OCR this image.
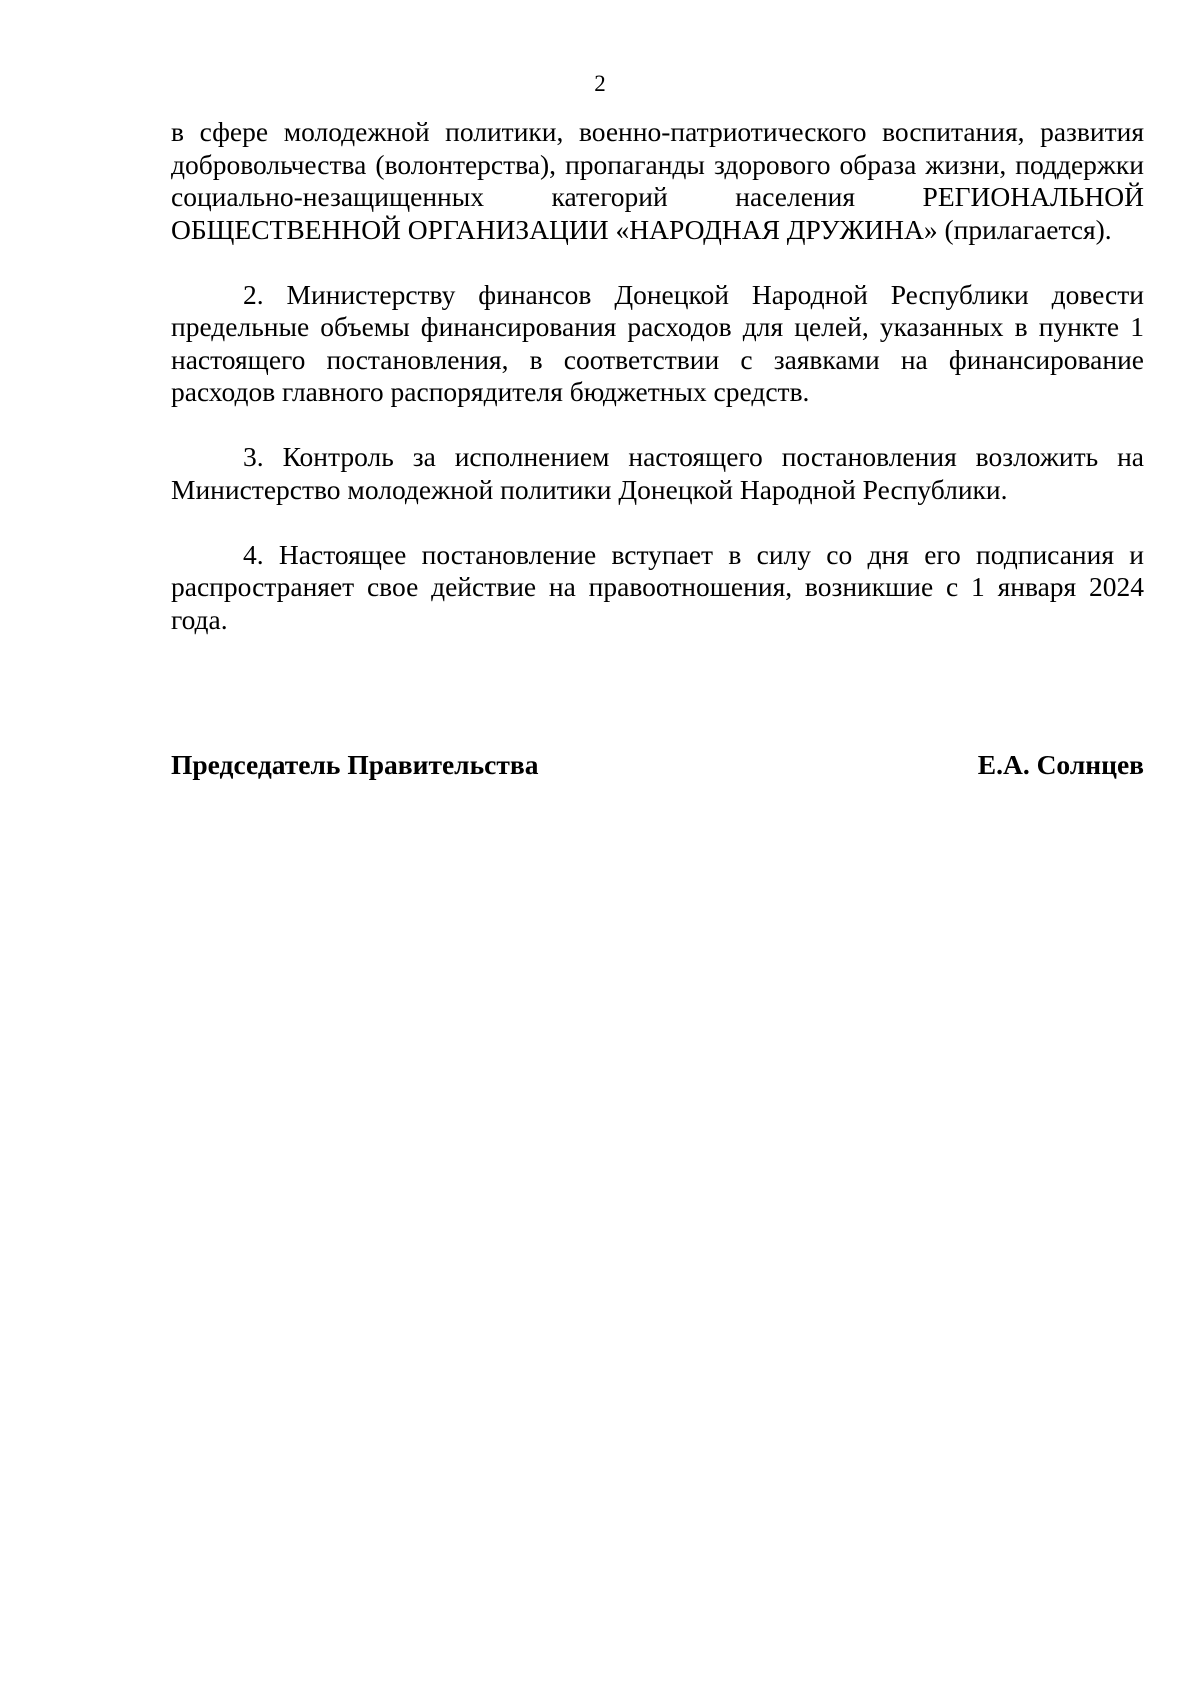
2

в сфере молодежной политики, военно-патриотического воспитания, развития добровольчества (волонтерства), пропаганды здорового образа жизни, поддержки социально-незащищенных категорий населения РЕГИОНАЛЬНОЙ ОБЩЕСТВЕННОЙ ОРГАНИЗАЦИИ «НАРОДНАЯ ДРУЖИНА» (прилагается).

2. Министерству финансов Донецкой Народной Республики довести предельные объемы финансирования расходов для целей, указанных в пункте 1 настоящего постановления, в соответствии с заявками на финансирование расходов главного распорядителя бюджетных средств.

3. Контроль за исполнением настоящего постановления возложить на Министерство молодежной политики Донецкой Народной Республики.

4. Настоящее постановление вступает в силу со дня его подписания и распространяет свое действие на правоотношения, возникшие с 1 января 2024 года.

Председатель Правительства	Е.А. Солнцев
